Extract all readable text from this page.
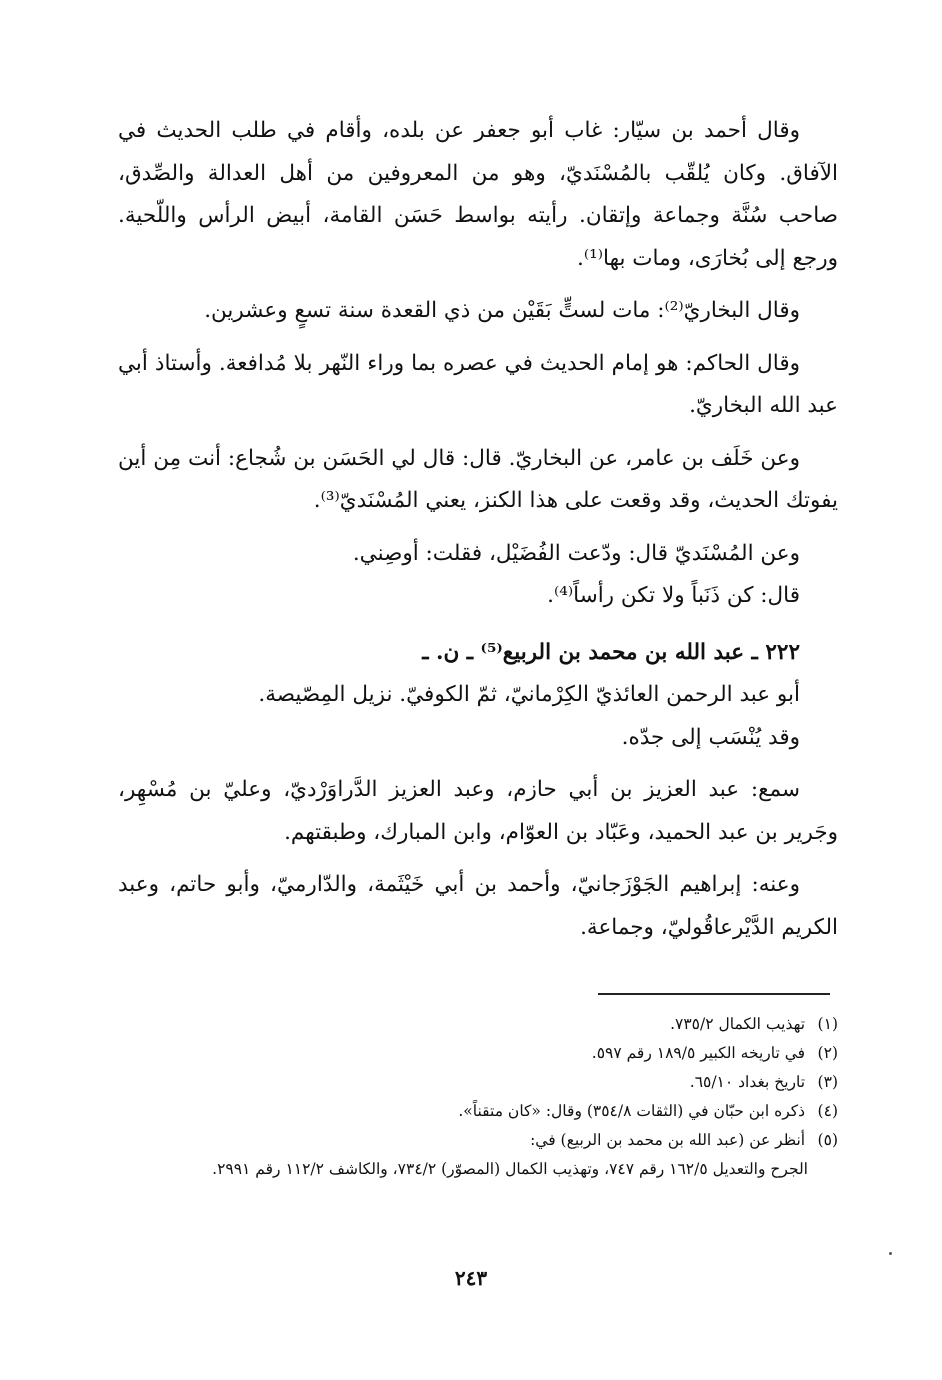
وقال أحمد بن سيّار: غاب أبو جعفر عن بلده، وأقام في طلب الحديث في الآفاق. وكان يُلقّب بالمُسْنَديّ، وهو من المعروفين من أهل العدالة والصِّدق، صاحب سُنَّة وجماعة وإتقان. رأيته بواسط حَسَن القامة، أبيض الرأس واللّحية. ورجع إلى بُخارَى، ومات بها⁽¹⁾.

وقال البخاريّ⁽²⁾: مات لستٍّ بَقَيْن من ذي القعدة سنة تسعٍ وعشرين.

وقال الحاكم: هو إمام الحديث في عصره بما وراء النّهر بلا مُدافعة. وأستاذ أبي عبد الله البخاريّ.

وعن خَلَف بن عامر، عن البخاريّ. قال: قال لي الحَسَن بن شُجاع: أنت مِن أين يفوتك الحديث، وقد وقعت على هذا الكنز، يعني المُسْنَديّ⁽³⁾.

وعن المُسْنَديّ قال: ودّعت الفُضَيْل، فقلت: أوصِني.
قال: كن ذَنَباً ولا تكن رأساً⁽⁴⁾.
٢٢٢ ـ عبد الله بن محمد بن الربيع⁽⁵⁾ ـ ن. ـ
أبو عبد الرحمن العائذيّ الكِرْمانيّ، ثمّ الكوفيّ. نزيل المِصّيصة.
وقد يُنْسَب إلى جدّه.

سمع: عبد العزيز بن أبي حازم، وعبد العزيز الدَّراوَرْديّ، وعليّ بن مُسْهِر، وجَرير بن عبد الحميد، وعَبّاد بن العوّام، وابن المبارك، وطبقتهم.

وعنه: إبراهيم الجَوْزَجانيّ، وأحمد بن أبي خَيْثَمة، والدّارميّ، وأبو حاتم، وعبد الكريم الدَّيْرعاقُوليّ، وجماعة.

(١) تهذيب الكمال ٧٣٥/٢.
(٢) في تاريخه الكبير ١٨٩/٥ رقم ٥٩٧.
(٣) تاريخ بغداد ٦٥/١٠.
(٤) ذكره ابن حبّان في (الثقات ٣٥٤/٨) وقال: «كان متقناً».
(٥) أنظر عن (عبد الله بن محمد بن الربيع) في:
الجرح والتعديل ١٦٢/٥ رقم ٧٤٧، وتهذيب الكمال (المصوّر) ٧٣٤/٢، والكاشف ١١٢/٢ رقم ٢٩٩١.
٢٤٣
